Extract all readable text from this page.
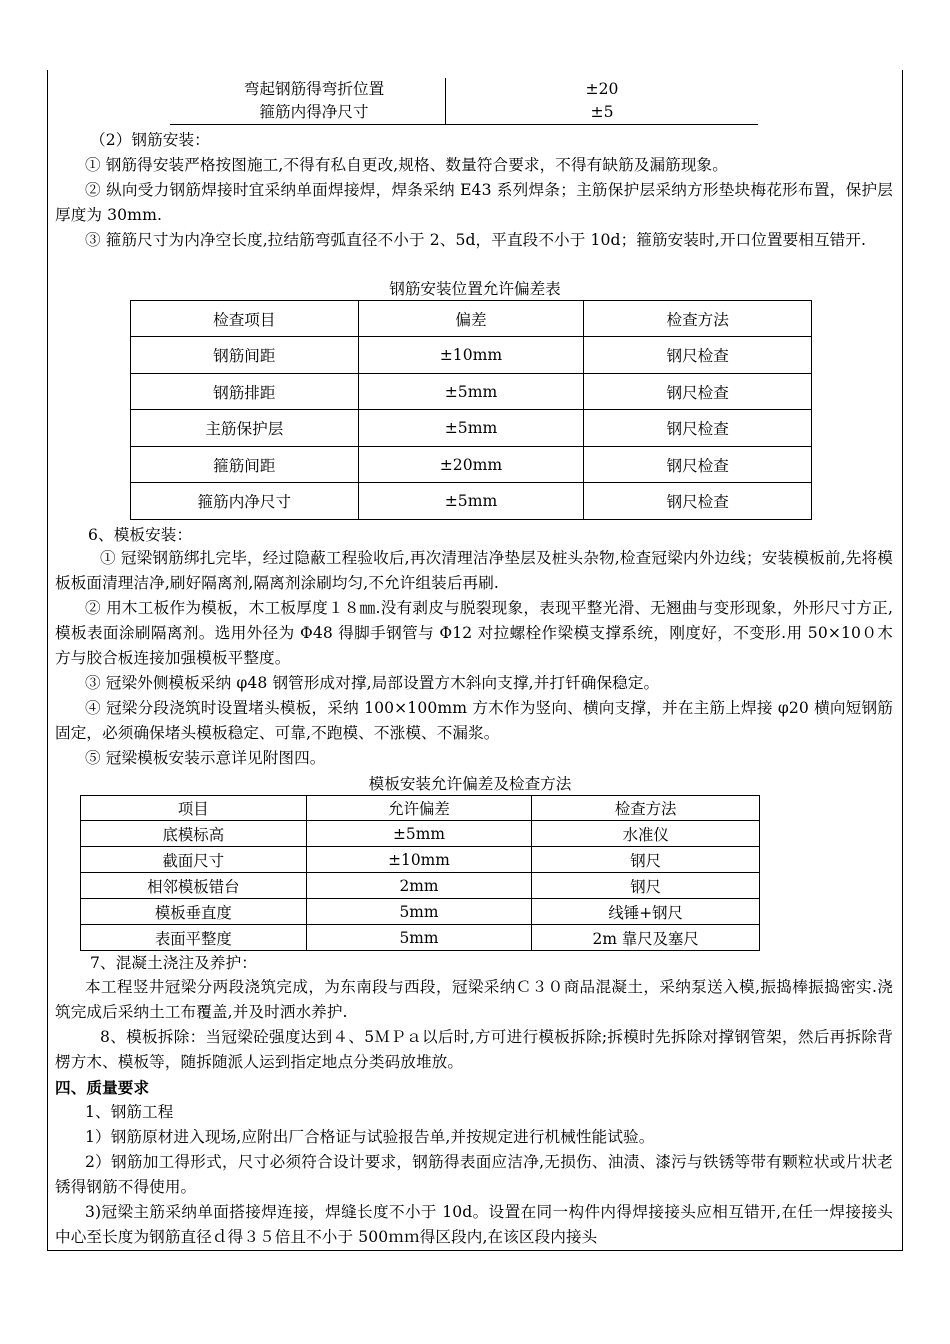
弯起钢筋得弯折位置	±20
箍筋内得净尺寸	±5
（2）钢筋安装：
① 钢筋得安装严格按图施工,不得有私自更改,规格、数量符合要求，不得有缺筋及漏筋现象。
② 纵向受力钢筋焊接时宜采纳单面焊接焊，焊条采纳 E43 系列焊条；主筋保护层采纳方形垫块梅花形布置，保护层厚度为 30mm.
③ 箍筋尺寸为内净空长度,拉结筋弯弧直径不小于 2、5d，平直段不小于 10d；箍筋安装时,开口位置要相互错开.
钢筋安装位置允许偏差表
检查项目	偏差	检查方法
钢筋间距	±10mm	钢尺检查
钢筋排距	±5mm	钢尺检查
主筋保护层	±5mm	钢尺检查
箍筋间距	±20mm	钢尺检查
箍筋内净尺寸	±5mm	钢尺检查
6、模板安装：
① 冠梁钢筋绑扎完毕，经过隐蔽工程验收后,再次清理洁净垫层及桩头杂物,检查冠梁内外边线；安装模板前,先将模板板面清理洁净,刷好隔离剂,隔离剂涂刷均匀,不允许组装后再刷.
② 用木工板作为模板，木工板厚度１８㎜.没有剥皮与脱裂现象，表现平整光滑、无翘曲与变形现象，外形尺寸方正,模板表面涂刷隔离剂。选用外径为 Φ48 得脚手钢管与 Φ12 对拉螺栓作梁模支撑系统，刚度好，不变形.用 50×10０木方与胶合板连接加强模板平整度。
③ 冠梁外侧模板采纳 φ48 钢管形成对撑,局部设置方木斜向支撑,并打钎确保稳定。
④ 冠梁分段浇筑时设置堵头模板，采纳 100×100mm 方木作为竖向、横向支撑，并在主筋上焊接 φ20 横向短钢筋固定，必须确保堵头模板稳定、可靠,不跑模、不涨模、不漏浆。
⑤ 冠梁模板安装示意详见附图四。
模板安装允许偏差及检查方法
项目	允许偏差	检查方法
底模标高	±5mm	水准仪
截面尺寸	±10mm	钢尺
相邻模板错台	2mm	钢尺
模板垂直度	5mm	线锤+钢尺
表面平整度	5mm	2m 靠尺及塞尺
7、混凝土浇注及养护：
本工程竖井冠梁分两段浇筑完成，为东南段与西段，冠梁采纳Ｃ３０商品混凝土，采纳泵送入模,振捣棒振捣密实.浇筑完成后采纳土工布覆盖,并及时洒水养护.
8、模板拆除：当冠梁砼强度达到４、5ＭＰａ以后时,方可进行模板拆除;拆模时先拆除对撑钢管架，然后再拆除背楞方木、模板等，随拆随派人运到指定地点分类码放堆放。
四、质量要求
1、钢筋工程
1）钢筋原材进入现场,应附出厂合格证与试验报告单,并按规定进行机械性能试验。
2）钢筋加工得形式，尺寸必须符合设计要求，钢筋得表面应洁净,无损伤、油渍、漆污与铁锈等带有颗粒状或片状老锈得钢筋不得使用。
3)冠梁主筋采纳单面搭接焊连接，焊缝长度不小于 10d。设置在同一构件内得焊接接头应相互错开,在任一焊接接头中心至长度为钢筋直径ｄ得３５倍且不小于 500ｍｍ得区段内,在该区段内接头
